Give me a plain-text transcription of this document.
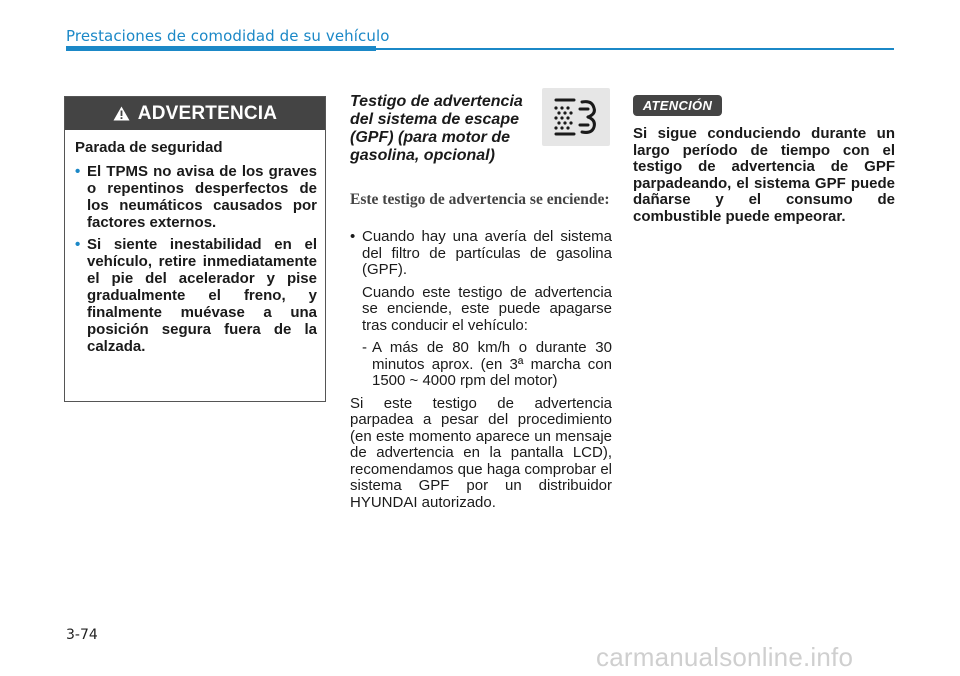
Prestaciones de comodidad de su vehículo
ADVERTENCIA

Parada de seguridad

• El TPMS no avisa de los graves o repentinos desperfectos de los neumáticos causados por factores externos.
• Si siente inestabilidad en el vehículo, retire inmediatamente el pie del acelerador y pise gradualmente el freno, y finalmente muévase a una posición segura fuera de la calzada.
Testigo de advertencia del sistema de escape (GPF) (para motor de gasolina, opcional)
Este testigo de advertencia se enciende:

• Cuando hay una avería del sistema del filtro de partículas de gasolina (GPF).

Cuando este testigo de advertencia se enciende, este puede apagarse tras conducir el vehículo:

- A más de 80 km/h o durante 30 minutos aprox. (en 3ª marcha con 1500 ~ 4000 rpm del motor)

Si este testigo de advertencia parpadea a pesar del procedimiento (en este momento aparece un mensaje de advertencia en la pantalla LCD), recomendamos que haga comprobar el sistema GPF por un distribuidor HYUNDAI autorizado.

ATENCIÓN
Si sigue conduciendo durante un largo período de tiempo con el testigo de advertencia de GPF parpadeando, el sistema GPF puede dañarse y el consumo de combustible puede empeorar.
3-74
carmanualsonline.info
